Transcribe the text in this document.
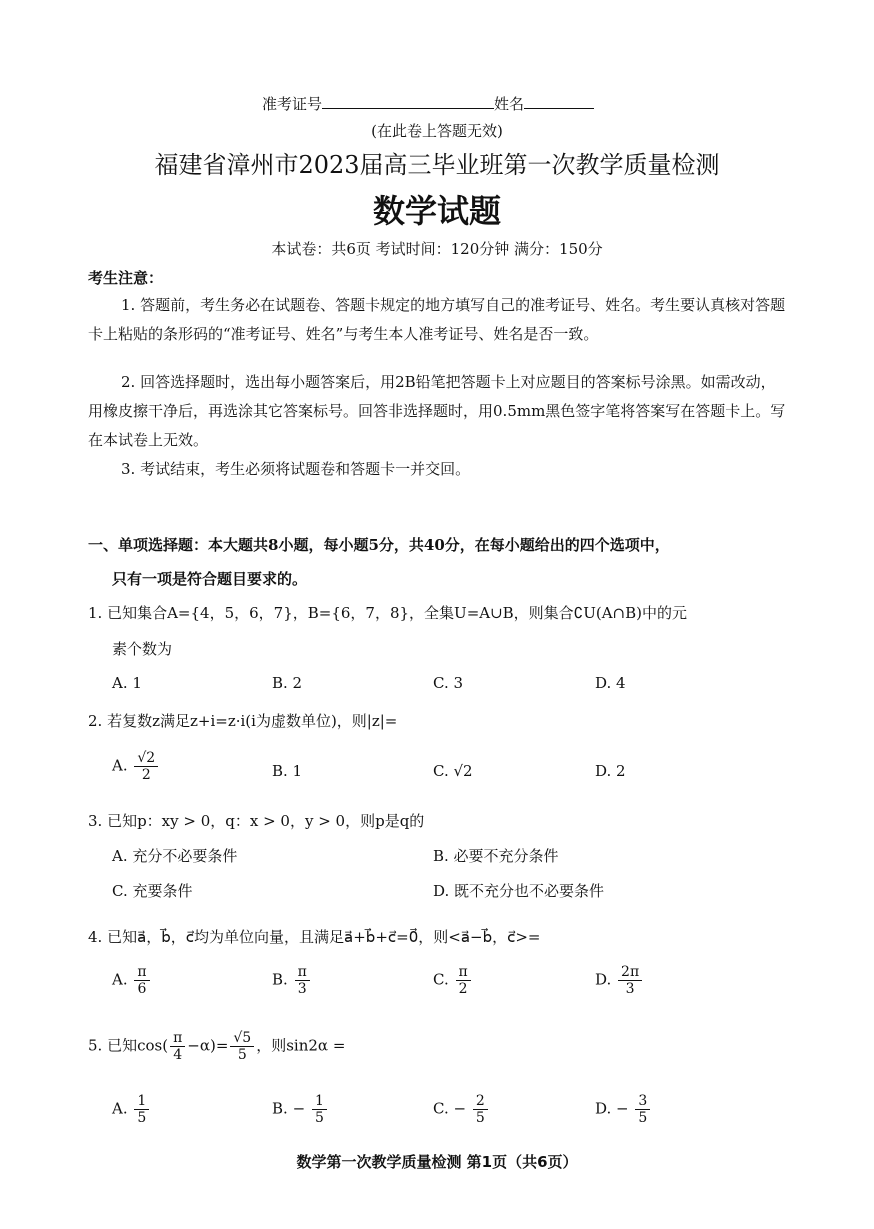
准考证号	姓名
(在此卷上答题无效)
福建省漳州市2023届高三毕业班第一次教学质量检测
数学试题
本试卷：共6页 考试时间：120分钟 满分：150分
考生注意：
1. 答题前，考生务必在试题卷、答题卡规定的地方填写自己的准考证号、姓名。考生要认真核对答题卡上粘贴的条形码的“准考证号、姓名”与考生本人准考证号、姓名是否一致。
2. 回答选择题时，选出每小题答案后，用2B铅笔把答题卡上对应题目的答案标号涂黑。如需改动，用橡皮擦干净后，再选涂其它答案标号。回答非选择题时，用0.5mm黑色签字笔将答案写在答题卡上。写在本试卷上无效。
3. 考试结束，考生必须将试题卷和答题卡一并交回。
一、单项选择题：本大题共8小题，每小题5分，共40分，在每小题给出的四个选项中，
只有一项是符合题目要求的。
1. 已知集合A={4，5，6，7}，B={6，7，8}，全集U=A∪B，则集合∁U(A∩B)中的元
素个数为
A. 1	B. 2	C. 3	D. 4
2. 若复数z满足z+i=z·i(i为虚数单位)，则|z|=
A. $\frac{√2}{2}$	B. 1	C. √2	D. 2
3. 已知p：xy > 0，q：x > 0，y > 0，则p是q的
A. 充分不必要条件	B. 必要不充分条件
C. 充要条件	D. 既不充分也不必要条件
4. 已知a⃗，b⃗，c⃗均为单位向量，且满足a⃗+b⃗+c⃗=0⃗，则<a⃗−b⃗，c⃗>=
A. $\frac{\pi}{6}$	B. $\frac{\pi}{3}$	C. $\frac{\pi}{2}$	D. $\frac{2\pi}{3}$
5. 已知$\cos( \frac{\pi}{4} -\alpha)= \frac{√5}{5}$ ，则sin2α =
A. $\frac{1}{5}$	B. − $\frac{1}{5}$	C. − $\frac{2}{5}$	D. − $\frac{3}{5}$
数学第一次教学质量检测 第1页（共6页）
